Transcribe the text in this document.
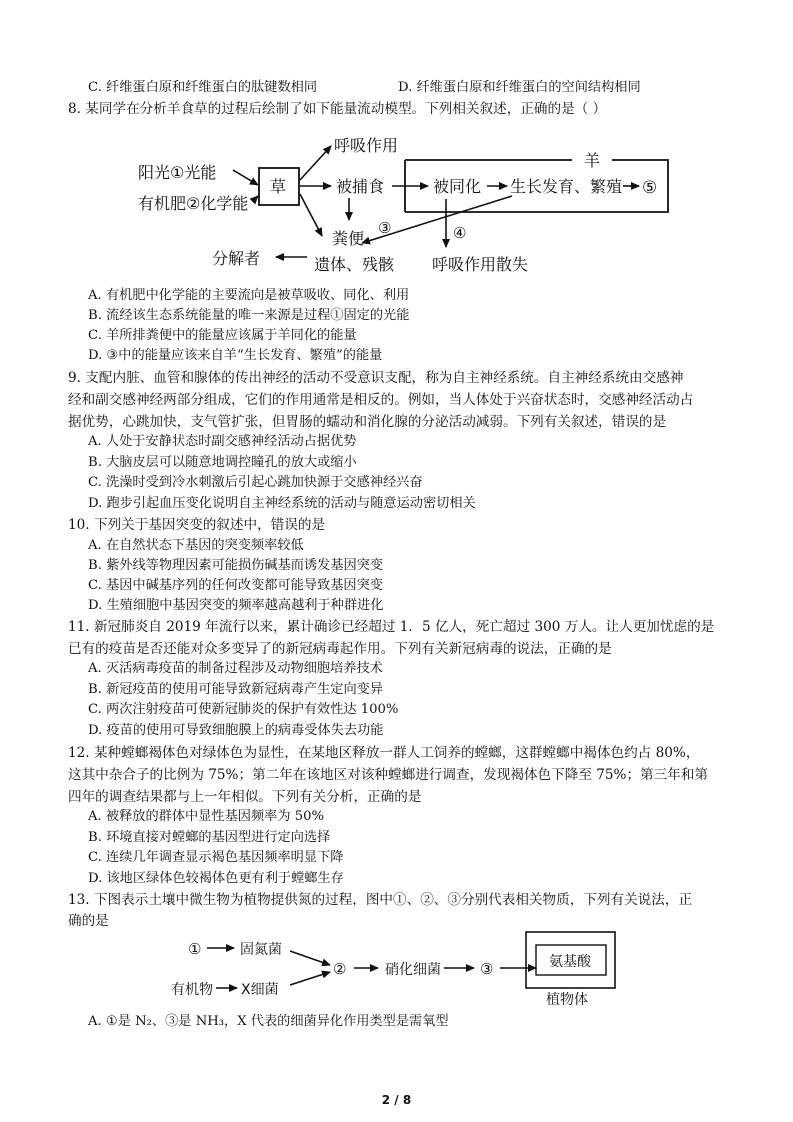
C. 纤维蛋白原和纤维蛋白的肽键数相同	D. 纤维蛋白原和纤维蛋白的空间结构相同
8. 某同学在分析羊食草的过程后绘制了如下能量流动模型。下列相关叙述，正确的是（ ）
阳光 ①光能
有机肥 ②化学能
草
呼吸作用
被捕食
羊
被同化 生长发育、繁殖 ⑤
③	④
粪便
遗体、残骸
分解者	呼吸作用散失
①	固氮菌
有机物 X细菌
②	硝化细菌	③	氨基酸
植物体
A. 有机肥中化学能的主要流向是被草吸收、同化、利用
B. 流经该生态系统能量的唯一来源是过程①固定的光能
C. 羊所排粪便中的能量应该属于羊同化的能量
D. ③中的能量应该来自羊“生长发育、繁殖”的能量
9. 支配内脏、血管和腺体的传出神经的活动不受意识支配，称为自主神经系统。自主神经系统由交感神
经和副交感神经两部分组成，它们的作用通常是相反的。例如，当人体处于兴奋状态时，交感神经活动占
据优势，心跳加快，支气管扩张，但胃肠的蠕动和消化腺的分泌活动减弱。下列有关叙述，错误的是
A. 人处于安静状态时副交感神经活动占据优势
B. 大脑皮层可以随意地调控瞳孔的放大或缩小
C. 洗澡时受到冷水刺激后引起心跳加快源于交感神经兴奋
D. 跑步引起血压变化说明自主神经系统的活动与随意运动密切相关
10. 下列关于基因突变的叙述中，错误的是
A. 在自然状态下基因的突变频率较低
B. 紫外线等物理因素可能损伤碱基而诱发基因突变
C. 基因中碱基序列的任何改变都可能导致基因突变
D. 生殖细胞中基因突变的频率越高越利于种群进化
11. 新冠肺炎自 2019 年流行以来，累计确诊已经超过 1．5 亿人，死亡超过 300 万人。让人更加忧虑的是
已有的疫苗是否还能对众多变异了的新冠病毒起作用。下列有关新冠病毒的说法，正确的是
A. 灭活病毒疫苗的制备过程涉及动物细胞培养技术
B. 新冠疫苗的使用可能导致新冠病毒产生定向变异
C. 两次注射疫苗可使新冠肺炎的保护有效性达 100%
D. 疫苗的使用可导致细胞膜上的病毒受体失去功能
12. 某种螳螂褐体色对绿体色为显性，在某地区释放一群人工饲养的螳螂，这群螳螂中褐体色约占 80%，
这其中杂合子的比例为 75%；第二年在该地区对该种螳螂进行调查，发现褐体色下降至 75%；第三年和第
四年的调查结果都与上一年相似。下列有关分析，正确的是
A. 被释放的群体中显性基因频率为 50%
B. 环境直接对螳螂的基因型进行定向选择
C. 连续几年调查显示褐色基因频率明显下降
D. 该地区绿体色较褐体色更有利于螳螂生存
13. 下图表示土壤中微生物为植物提供氮的过程，图中①、②、③分别代表相关物质，下列有关说法，正
确的是
A. ①是 N₂、③是 NH₃，X 代表的细菌异化作用类型是需氧型
2 / 8
